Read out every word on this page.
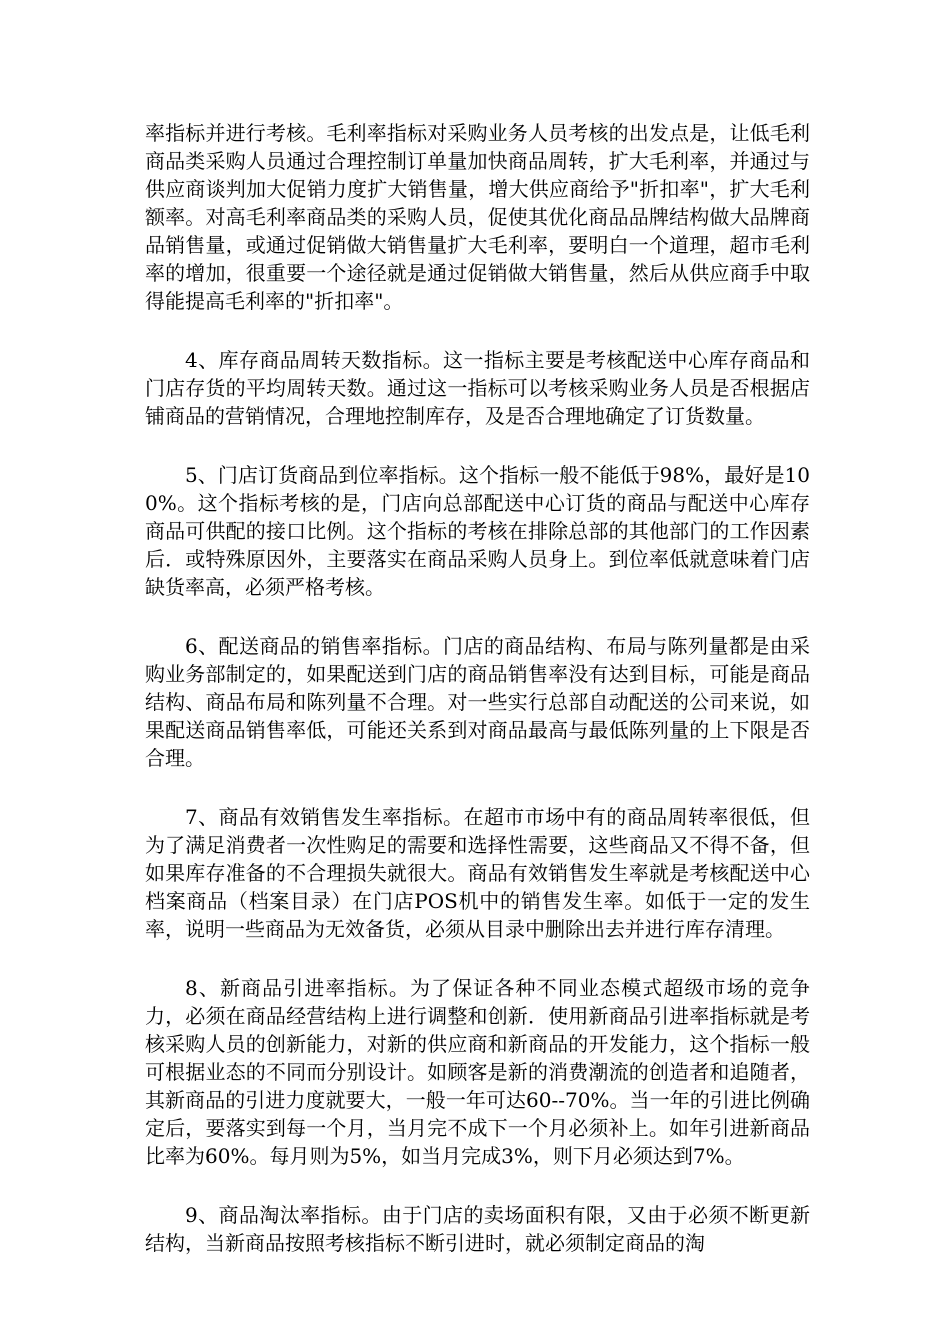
率指标并进行考核。毛利率指标对采购业务人员考核的出发点是，让低毛利商品类采购人员通过合理控制订单量加快商品周转，扩大毛利率，并通过与供应商谈判加大促销力度扩大销售量，增大供应商给予"折扣率"，扩大毛利额率。对高毛利率商品类的采购人员，促使其优化商品品牌结构做大品牌商品销售量，或通过促销做大销售量扩大毛利率，要明白一个道理，超市毛利率的增加，很重要一个途径就是通过促销做大销售量，然后从供应商手中取得能提高毛利率的"折扣率"。

4、库存商品周转天数指标。这一指标主要是考核配送中心库存商品和门店存货的平均周转天数。通过这一指标可以考核采购业务人员是否根据店铺商品的营销情况，合理地控制库存，及是否合理地确定了订货数量。

5、门店订货商品到位率指标。这个指标一般不能低于98%，最好是100%。这个指标考核的是，门店向总部配送中心订货的商品与配送中心库存商品可供配的接口比例。这个指标的考核在排除总部的其他部门的工作因素后．或特殊原因外，主要落实在商品采购人员身上。到位率低就意味着门店缺货率高，必须严格考核。

6、配送商品的销售率指标。门店的商品结构、布局与陈列量都是由采购业务部制定的，如果配送到门店的商品销售率没有达到目标，可能是商品结构、商品布局和陈列量不合理。对一些实行总部自动配送的公司来说，如果配送商品销售率低，可能还关系到对商品最高与最低陈列量的上下限是否合理。

7、商品有效销售发生率指标。在超市市场中有的商品周转率很低，但为了满足消费者一次性购足的需要和选择性需要，这些商品又不得不备，但如果库存准备的不合理损失就很大。商品有效销售发生率就是考核配送中心档案商品（档案目录）在门店POS机中的销售发生率。如低于一定的发生率，说明一些商品为无效备货，必须从目录中删除出去并进行库存清理。

8、新商品引进率指标。为了保证各种不同业态模式超级市场的竞争力，必须在商品经营结构上进行调整和创新．使用新商品引进率指标就是考核采购人员的创新能力，对新的供应商和新商品的开发能力，这个指标一般可根据业态的不同而分别设计。如顾客是新的消费潮流的创造者和追随者，其新商品的引进力度就要大，一般一年可达60--70%。当一年的引进比例确定后，要落实到每一个月，当月完不成下一个月必须补上。如年引进新商品比率为60%。每月则为5%，如当月完成3%，则下月必须达到7%。

9、商品淘汰率指标。由于门店的卖场面积有限，又由于必须不断更新结构，当新商品按照考核指标不断引进时，就必须制定商品的淘
